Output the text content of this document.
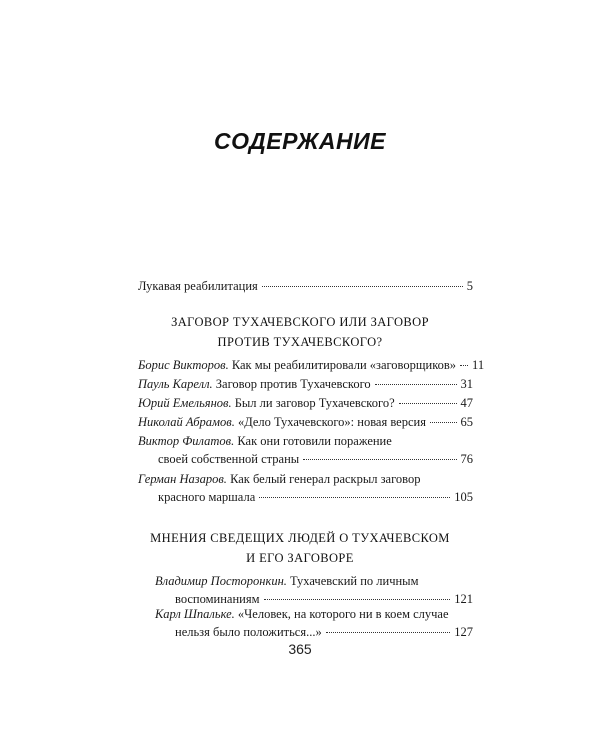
СОДЕРЖАНИЕ
Лукавая реабилитация	5
ЗАГОВОР ТУХАЧЕВСКОГО ИЛИ ЗАГОВОР
ПРОТИВ ТУХАЧЕВСКОГО?
Борис Викторов.
Как мы реабилитировали «заговорщиков» 11
Пауль Карелл.
Заговор против Тухачевского	31
Юрий Емельянов.
Был ли заговор Тухачевского?	47
Николай Абрамов.
«Дело Тухачевского»: новая версия	65
Виктор Филатов.
Как они готовили поражение
своей собственной страны	76
Герман Назаров.
Как белый генерал раскрыл заговор
красного маршала	105
МНЕНИЯ СВЕДЕЩИХ ЛЮДЕЙ О ТУХАЧЕВСКОМ
И ЕГО ЗАГОВОРЕ
Владимир Посторонкин.
Тухачевский по личным
воспоминаниям	121
Карл Шпальке.
«Человек, на которого ни в коем случае
нельзя было положиться...»	127
365
